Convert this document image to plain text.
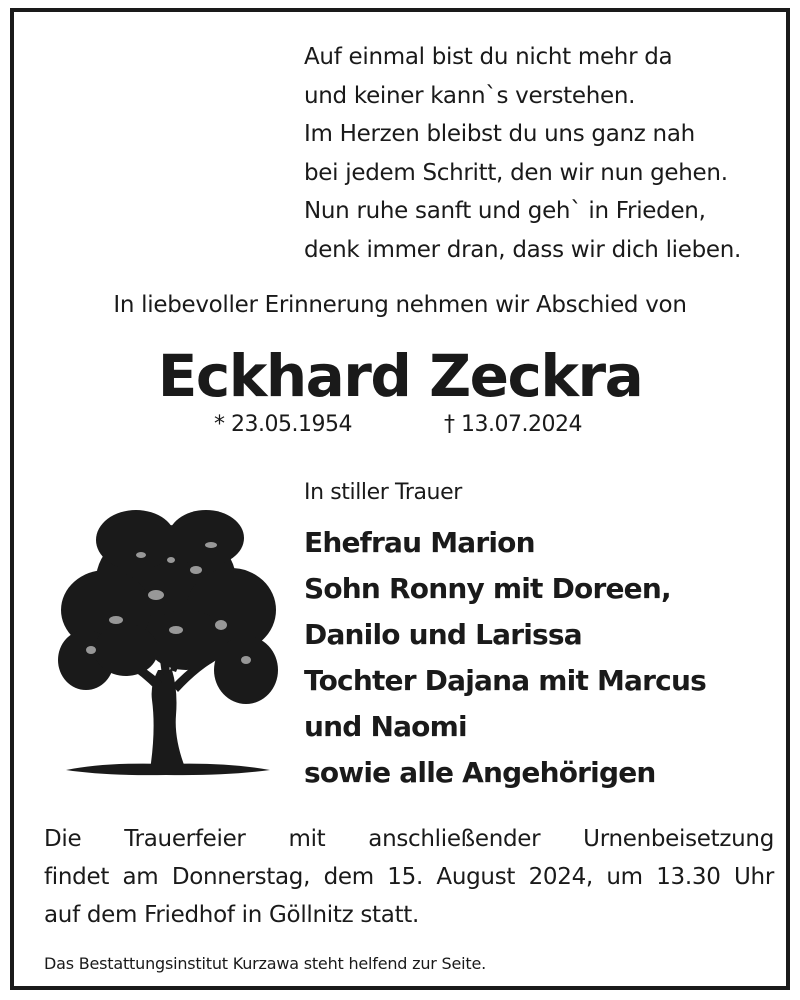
Auf einmal bist du nicht mehr da
und keiner kann`s verstehen.
Im Herzen bleibst du uns ganz nah
bei jedem Schritt, den wir nun gehen.
Nun ruhe sanft und geh` in Frieden,
denk immer dran, dass wir dich lieben.
In liebevoller Erinnerung nehmen wir Abschied von
Eckhard Zeckra
* 23.05.1954	† 13.07.2024
In stiller Trauer
Ehefrau Marion
Sohn Ronny mit Doreen,
Danilo und Larissa
Tochter Dajana mit Marcus
und Naomi
sowie alle Angehörigen
Die Trauerfeier mit anschließender Urnenbeisetzung
findet am Donnerstag, dem 15. August 2024, um 13.30 Uhr
auf dem Friedhof in Göllnitz statt.
Das Bestattungsinstitut Kurzawa steht helfend zur Seite.
